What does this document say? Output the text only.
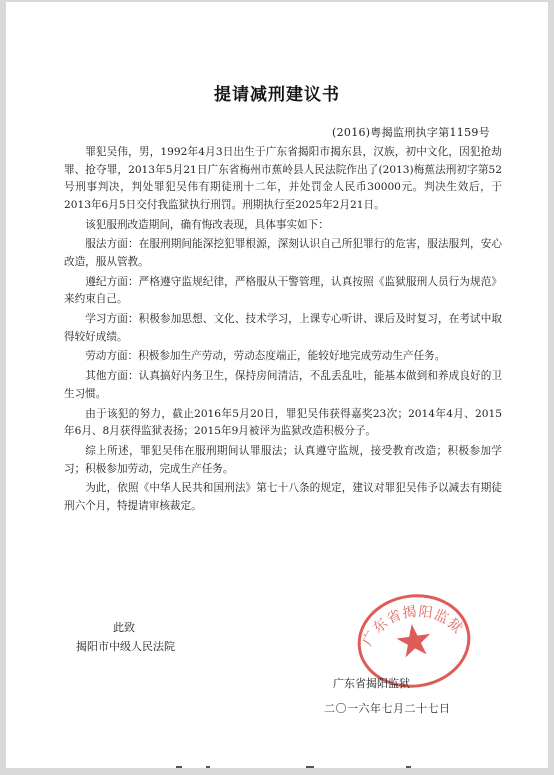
提请减刑建议书
(2016)粤揭监刑执字第1159号

罪犯吴伟，男，1992年4月3日出生于广东省揭阳市揭东县，汉族，初中文化，因犯抢劫罪、抢夺罪，2013年5月21日广东省梅州市蕉岭县人民法院作出了(2013)梅蕉法刑初字第52号刑事判决，判处罪犯吴伟有期徒刑十二年，并处罚金人民币30000元。判决生效后，于2013年6月5日交付我监狱执行刑罚。刑期执行至2025年2月21日。

该犯服刑改造期间，确有悔改表现，具体事实如下：

服法方面：在服刑期间能深挖犯罪根源，深刻认识自己所犯罪行的危害，服法服判，安心改造，服从管教。

遵纪方面：严格遵守监规纪律，严格服从干警管理，认真按照《监狱服刑人员行为规范》来约束自己。

学习方面：积极参加思想、文化、技术学习，上课专心听讲、课后及时复习，在考试中取得较好成绩。

劳动方面：积极参加生产劳动，劳动态度端正，能较好地完成劳动生产任务。

其他方面：认真搞好内务卫生，保持房间清洁，不乱丢乱吐，能基本做到和养成良好的卫生习惯。

由于该犯的努力，截止2016年5月20日，罪犯吴伟获得嘉奖23次；2014年4月、2015年6月、8月获得监狱表扬；2015年9月被评为监狱改造积极分子。

综上所述，罪犯吴伟在服刑期间认罪服法；认真遵守监规，接受教育改造；积极参加学习；积极参加劳动，完成生产任务。

为此，依照《中华人民共和国刑法》第七十八条的规定，建议对罪犯吴伟予以减去有期徒刑六个月，特提请审核裁定。

此致
揭阳市中级人民法院	广东省揭阳监狱
广东省揭阳监狱
二〇一六年七月二十七日
